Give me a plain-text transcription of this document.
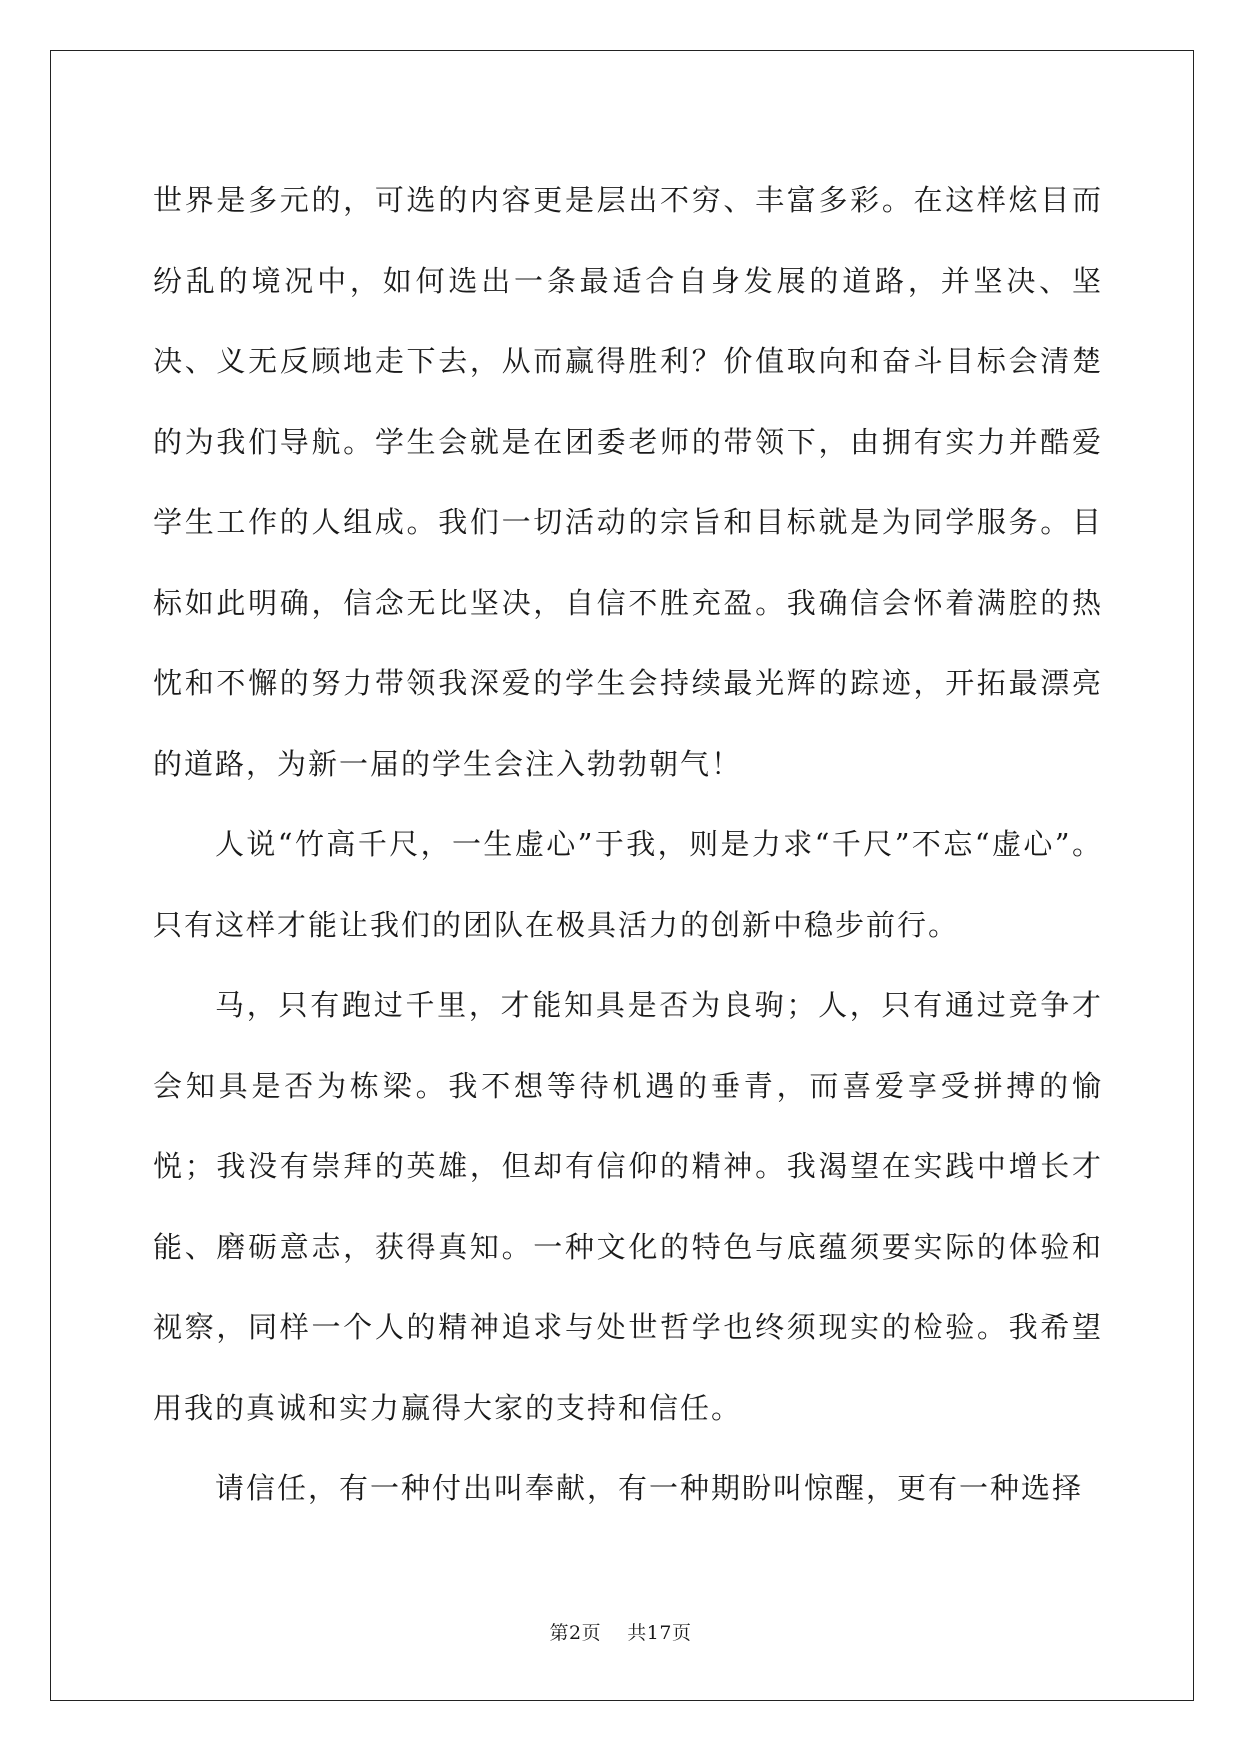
世界是多元的，可选的内容更是层出不穷、丰富多彩。在这样炫目而纷乱的境况中，如何选出一条最适合自身发展的道路，并坚决、坚决、义无反顾地走下去，从而赢得胜利？价值取向和奋斗目标会清楚的为我们导航。学生会就是在团委老师的带领下，由拥有实力并酷爱学生工作的人组成。我们一切活动的宗旨和目标就是为同学服务。目标如此明确，信念无比坚决，自信不胜充盈。我确信会怀着满腔的热忱和不懈的努力带领我深爱的学生会持续最光辉的踪迹，开拓最漂亮的道路，为新一届的学生会注入勃勃朝气！

人说“竹高千尺，一生虚心”于我，则是力求“千尺”不忘“虚心”。只有这样才能让我们的团队在极具活力的创新中稳步前行。

马，只有跑过千里，才能知具是否为良驹；人，只有通过竞争才会知具是否为栋梁。我不想等待机遇的垂青，而喜爱享受拼搏的愉悦；我没有崇拜的英雄，但却有信仰的精神。我渴望在实践中增长才能、磨砺意志，获得真知。一种文化的特色与底蕴须要实际的体验和视察，同样一个人的精神追求与处世哲学也终须现实的检验。我希望用我的真诚和实力赢得大家的支持和信任。

请信任，有一种付出叫奉献，有一种期盼叫惊醒，更有一种选择

第2页 共17页
